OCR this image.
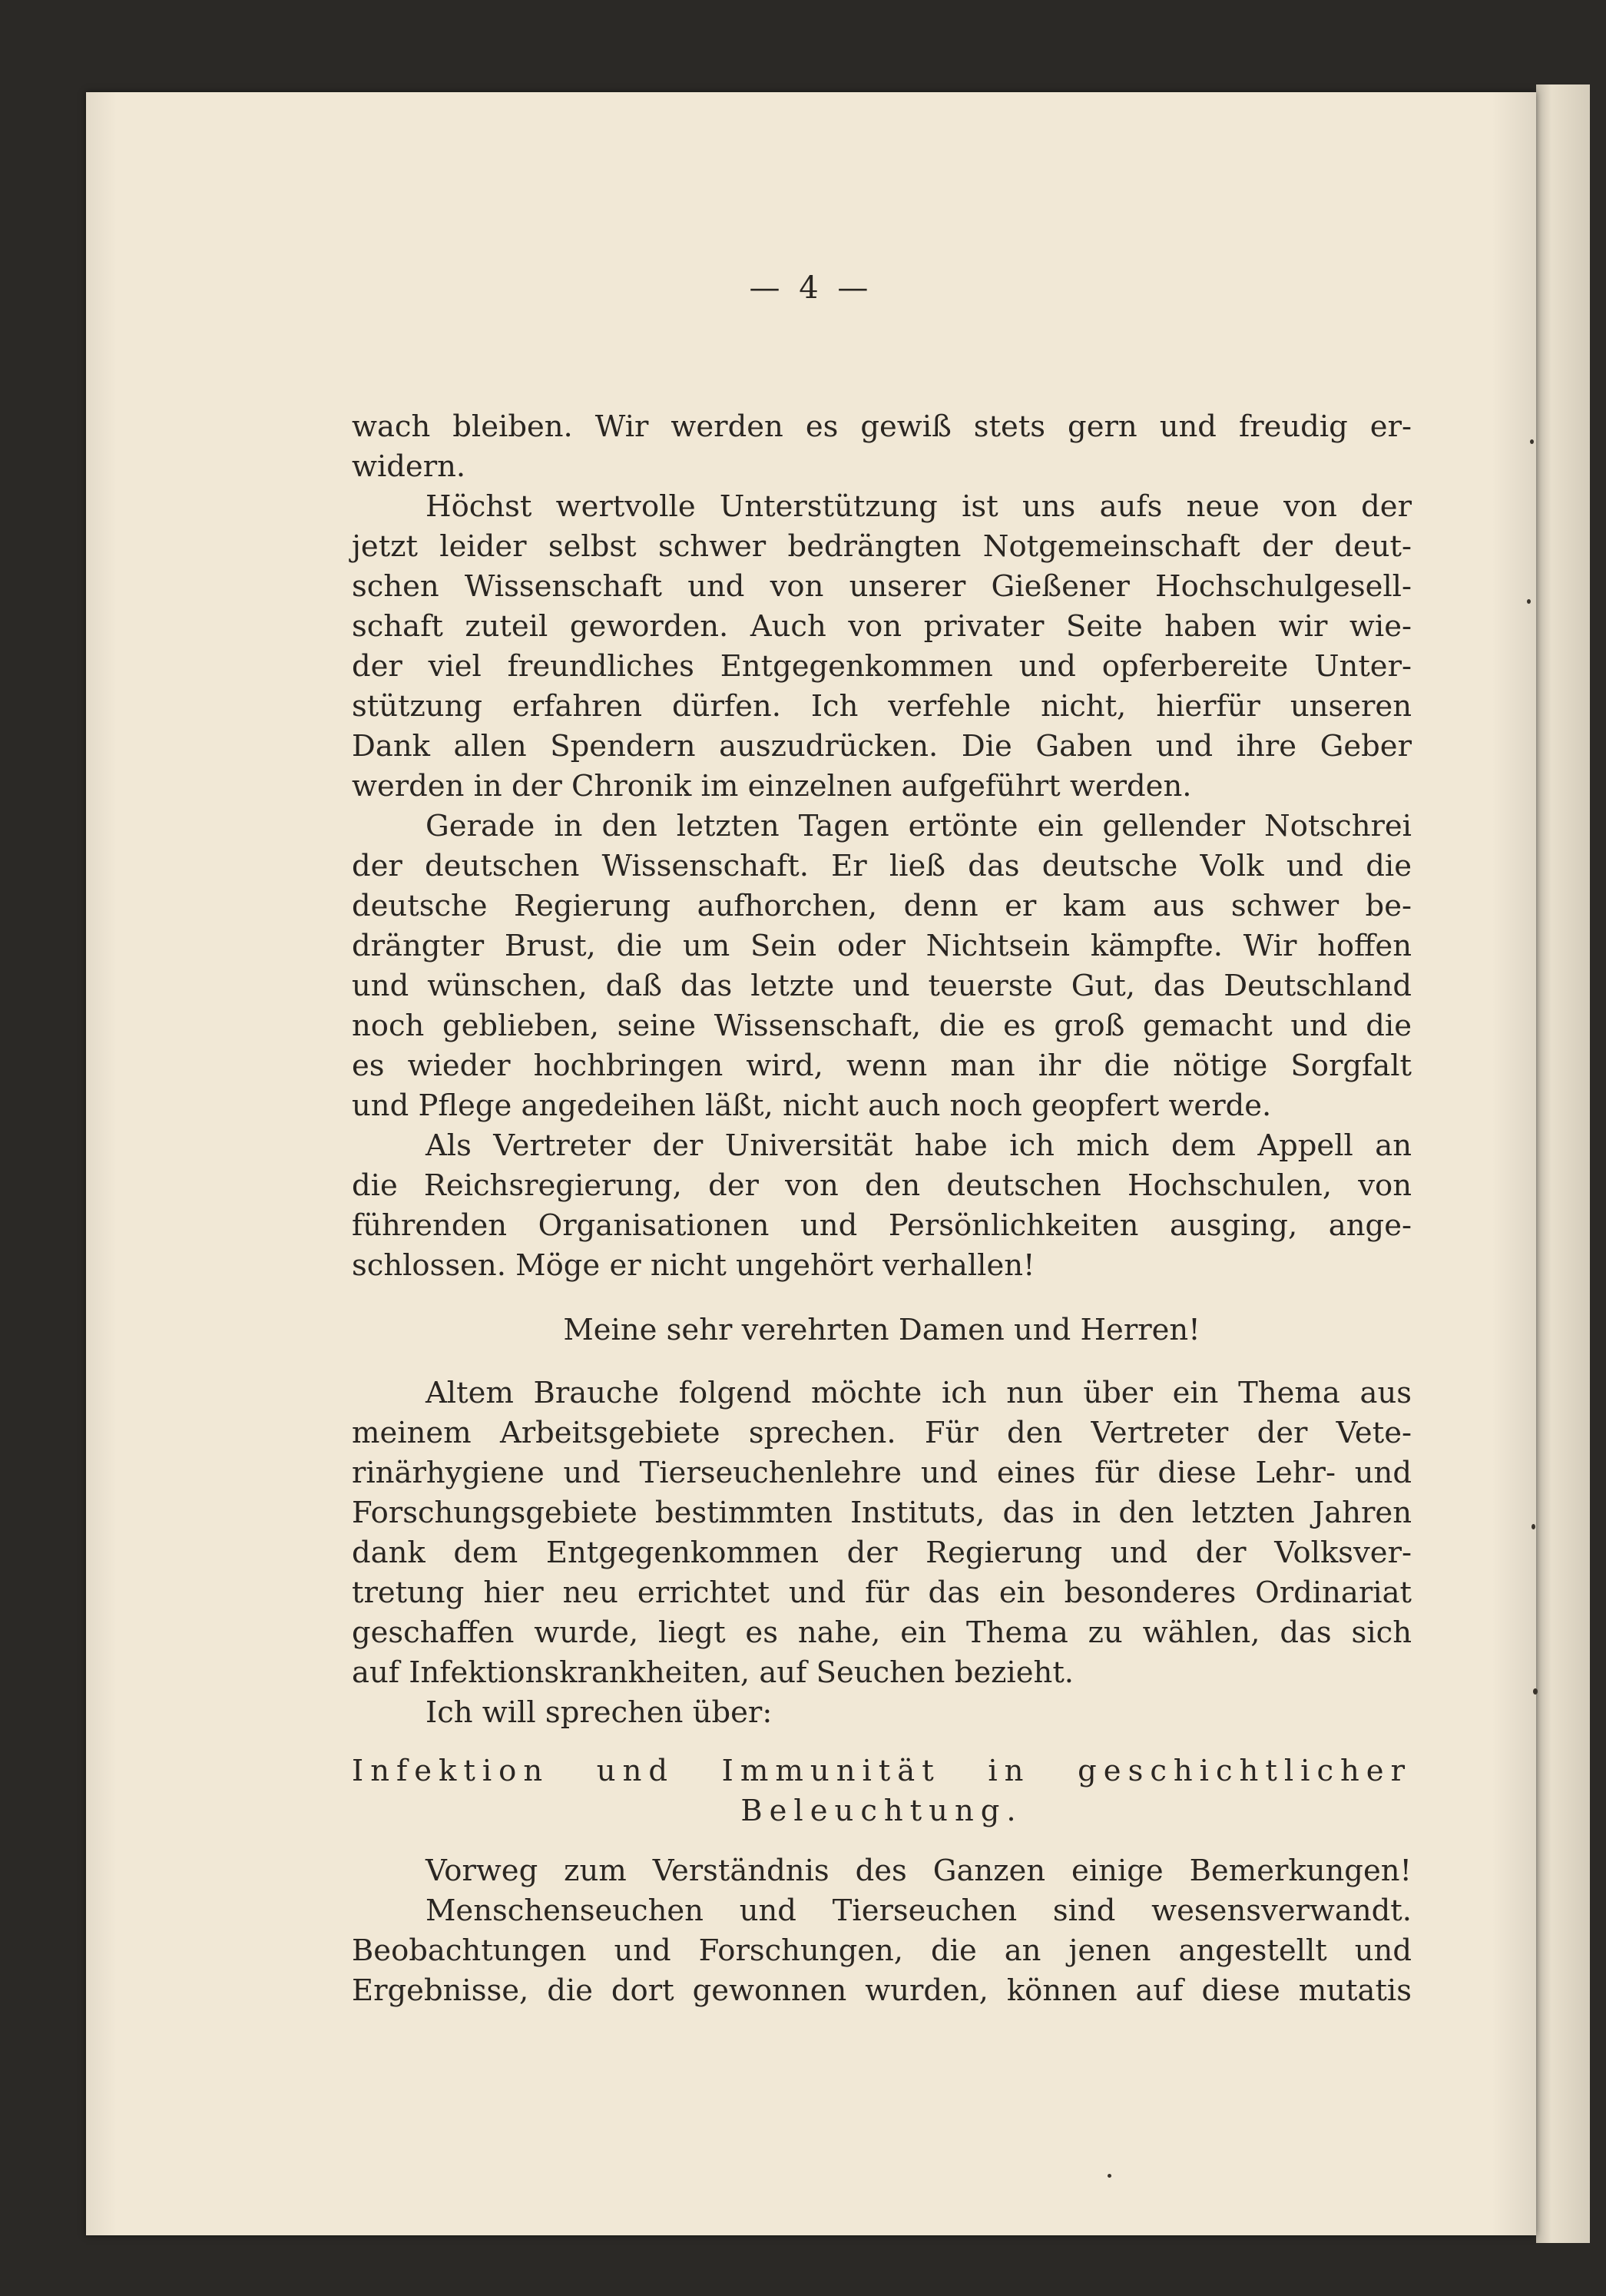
— 4 —
wach bleiben. Wir werden es gewiß stets gern und freudig er-
widern.
Höchst wertvolle Unterstützung ist uns aufs neue von der
jetzt leider selbst schwer bedrängten Notgemeinschaft der deut-
schen Wissenschaft und von unserer Gießener Hochschulgesell-
schaft zuteil geworden. Auch von privater Seite haben wir wie-
der viel freundliches Entgegenkommen und opferbereite Unter-
stützung erfahren dürfen. Ich verfehle nicht, hierfür unseren
Dank allen Spendern auszudrücken. Die Gaben und ihre Geber
werden in der Chronik im einzelnen aufgeführt werden.
Gerade in den letzten Tagen ertönte ein gellender Notschrei
der deutschen Wissenschaft. Er ließ das deutsche Volk und die
deutsche Regierung aufhorchen, denn er kam aus schwer be-
drängter Brust, die um Sein oder Nichtsein kämpfte. Wir hoffen
und wünschen, daß das letzte und teuerste Gut, das Deutschland
noch geblieben, seine Wissenschaft, die es groß gemacht und die
es wieder hochbringen wird, wenn man ihr die nötige Sorgfalt
und Pflege angedeihen läßt, nicht auch noch geopfert werde.
Als Vertreter der Universität habe ich mich dem Appell an
die Reichsregierung, der von den deutschen Hochschulen, von
führenden Organisationen und Persönlichkeiten ausging, ange-
schlossen. Möge er nicht ungehört verhallen!
Meine sehr verehrten Damen und Herren!
Altem Brauche folgend möchte ich nun über ein Thema aus
meinem Arbeitsgebiete sprechen. Für den Vertreter der Vete-
rinärhygiene und Tierseuchenlehre und eines für diese Lehr- und
Forschungsgebiete bestimmten Instituts, das in den letzten Jahren
dank dem Entgegenkommen der Regierung und der Volksver-
tretung hier neu errichtet und für das ein besonderes Ordinariat
geschaffen wurde, liegt es nahe, ein Thema zu wählen, das sich
auf Infektionskrankheiten, auf Seuchen bezieht.
Ich will sprechen über:
Infektion und Immunität in geschichtlicher
Beleuchtung.
Vorweg zum Verständnis des Ganzen einige Bemerkungen!
Menschenseuchen und Tierseuchen sind wesensverwandt.
Beobachtungen und Forschungen, die an jenen angestellt und
Ergebnisse, die dort gewonnen wurden, können auf diese mutatis
